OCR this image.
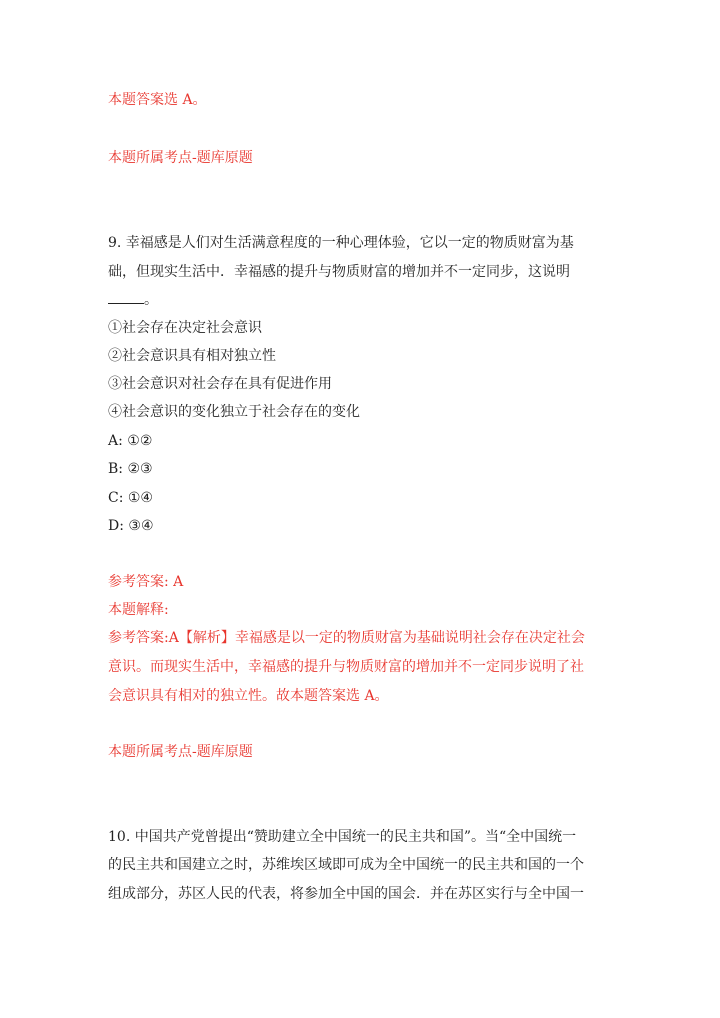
本题答案选 A。
本题所属考点-题库原题
9. 幸福感是人们对生活满意程度的一种心理体验，它以一定的物质财富为基
础，但现实生活中．幸福感的提升与物质财富的增加并不一定同步，这说明
。
①社会存在决定社会意识
②社会意识具有相对独立性
③社会意识对社会存在具有促进作用
④社会意识的变化独立于社会存在的变化
A: ①②
B: ②③
C: ①④
D: ③④
参考答案: A
本题解释:
参考答案:A【解析】幸福感是以一定的物质财富为基础说明社会存在决定社会
意识。而现实生活中，幸福感的提升与物质财富的增加并不一定同步说明了社
会意识具有相对的独立性。故本题答案选 A。
本题所属考点-题库原题
10. 中国共产党曾提出“赞助建立全中国统一的民主共和国”。当“全中国统一
的民主共和国建立之时，苏维埃区域即可成为全中国统一的民主共和国的一个
组成部分，苏区人民的代表，将参加全中国的国会．并在苏区实行与全中国一
